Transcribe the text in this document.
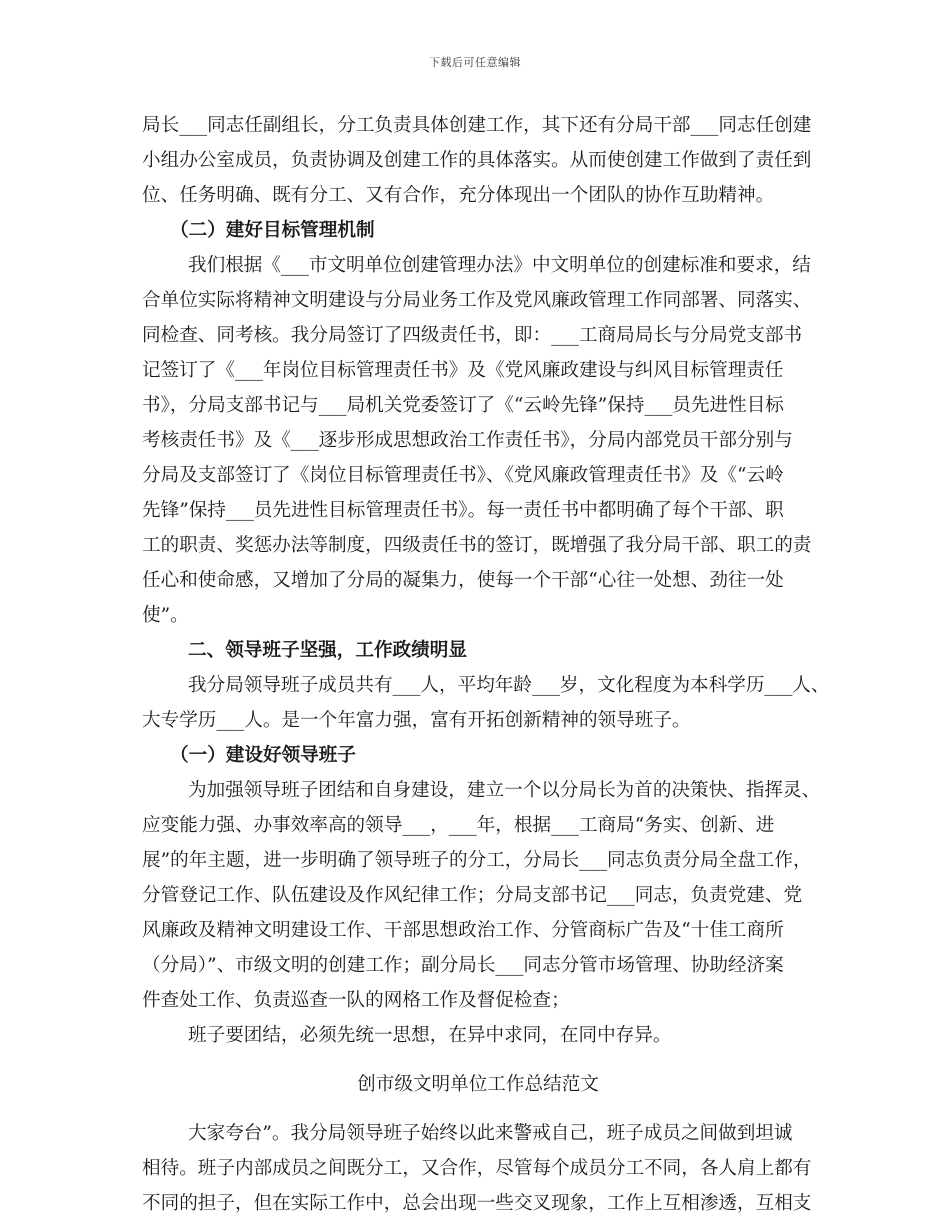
下载后可任意编辑
局长___同志任副组长，分工负责具体创建工作，其下还有分局干部___同志任创建
小组办公室成员，负责协调及创建工作的具体落实。从而使创建工作做到了责任到
位、任务明确、既有分工、又有合作，充分体现出一个团队的协作互助精神。
（二）建好目标管理机制
我们根据《___市文明单位创建管理办法》中文明单位的创建标准和要求，结
合单位实际将精神文明建设与分局业务工作及党风廉政管理工作同部署、同落实、
同检查、同考核。我分局签订了四级责任书，即：___工商局局长与分局党支部书
记签订了《___年岗位目标管理责任书》及《党风廉政建设与纠风目标管理责任
书》，分局支部书记与___局机关党委签订了《“云岭先锋”保持___员先进性目标
考核责任书》及《___逐步形成思想政治工作责任书》，分局内部党员干部分别与
分局及支部签订了《岗位目标管理责任书》、《党风廉政管理责任书》及《“云岭
先锋”保持___员先进性目标管理责任书》。每一责任书中都明确了每个干部、职
工的职责、奖惩办法等制度，四级责任书的签订，既增强了我分局干部、职工的责
任心和使命感，又增加了分局的凝集力，使每一个干部“心往一处想、劲往一处
使”。
二、领导班子坚强，工作政绩明显
我分局领导班子成员共有___人，平均年龄___岁，文化程度为本科学历___人、
大专学历___人。是一个年富力强，富有开拓创新精神的领导班子。
（一）建设好领导班子
为加强领导班子团结和自身建设，建立一个以分局长为首的决策快、指挥灵、
应变能力强、办事效率高的领导___，___年，根据___工商局“务实、创新、进
展”的年主题，进一步明确了领导班子的分工，分局长___同志负责分局全盘工作，
分管登记工作、队伍建设及作风纪律工作；分局支部书记___同志，负责党建、党
风廉政及精神文明建设工作、干部思想政治工作、分管商标广告及“十佳工商所
（分局）”、市级文明的创建工作；副分局长___同志分管市场管理、协助经济案
件查处工作、负责巡查一队的网格工作及督促检查；
班子要团结，必须先统一思想，在异中求同，在同中存异。
创市级文明单位工作总结范文
大家夸台”。我分局领导班子始终以此来警戒自己，班子成员之间做到坦诚
相待。班子内部成员之间既分工，又合作，尽管每个成员分工不同，各人肩上都有
不同的担子，但在实际工作中，总会出现一些交叉现象，工作上互相渗透，互相支
